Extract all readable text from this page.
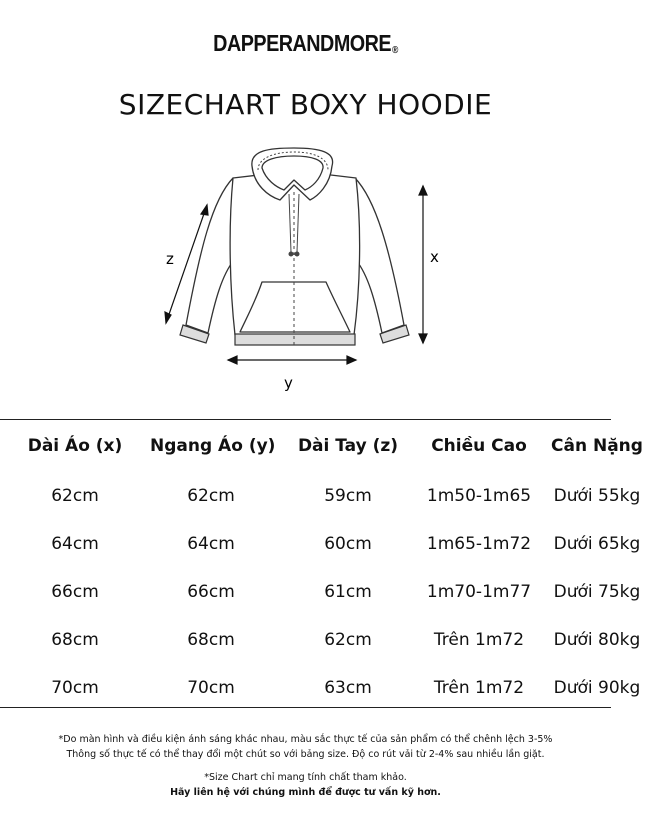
DAPPERANDMORE®
SIZECHART BOXY HOODIE
z	x
y
Dài Áo (x)	Ngang Áo (y)	Dài Tay (z)	Chiều Cao	Cân Nặng
62cm	62cm	59cm	1m50-1m65	Dưới 55kg
64cm	64cm	60cm	1m65-1m72	Dưới 65kg
66cm	66cm	61cm	1m70-1m77	Dưới 75kg
68cm	68cm	62cm	Trên 1m72	Dưới 80kg
70cm	70cm	63cm	Trên 1m72	Dưới 90kg
*Do màn hình và điều kiện ánh sáng khác nhau, màu sắc thực tế của sản phẩm có thể chênh lệch 3-5%
Thông số thực tế có thể thay đổi một chút so với bảng size. Độ co rút vải từ 2-4% sau nhiều lần giặt.
*Size Chart chỉ mang tính chất tham khảo.
Hãy liên hệ với chúng mình để được tư vấn kỹ hơn.
